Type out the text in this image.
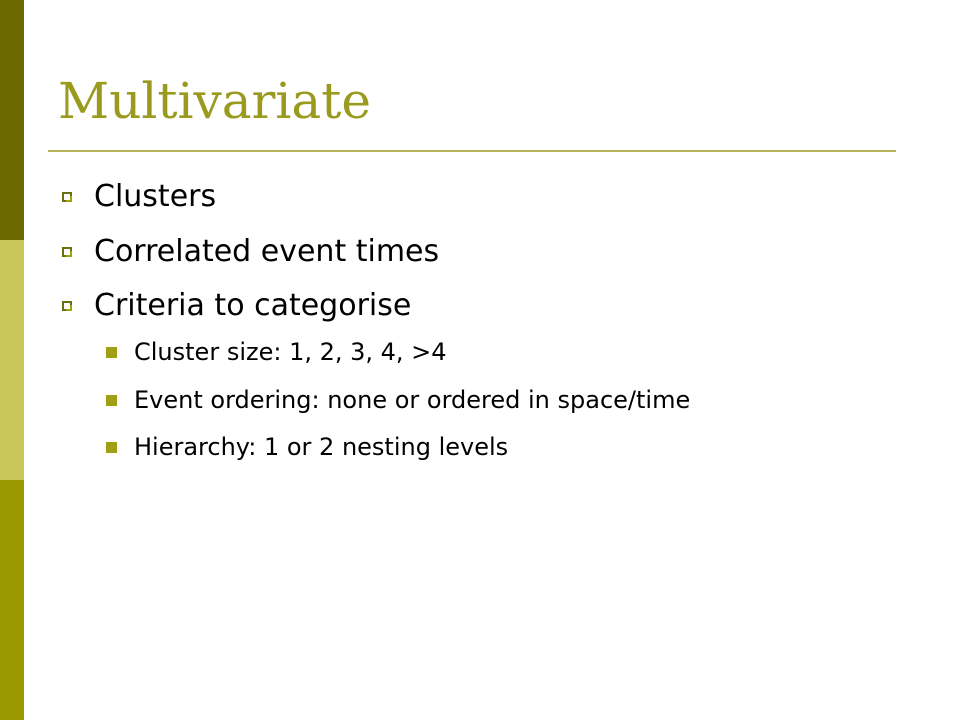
Multivariate
Clusters
Correlated event times
Criteria to categorise
Cluster size: 1, 2, 3, 4, >4
Event ordering: none or ordered in space/time
Hierarchy: 1 or 2 nesting levels
